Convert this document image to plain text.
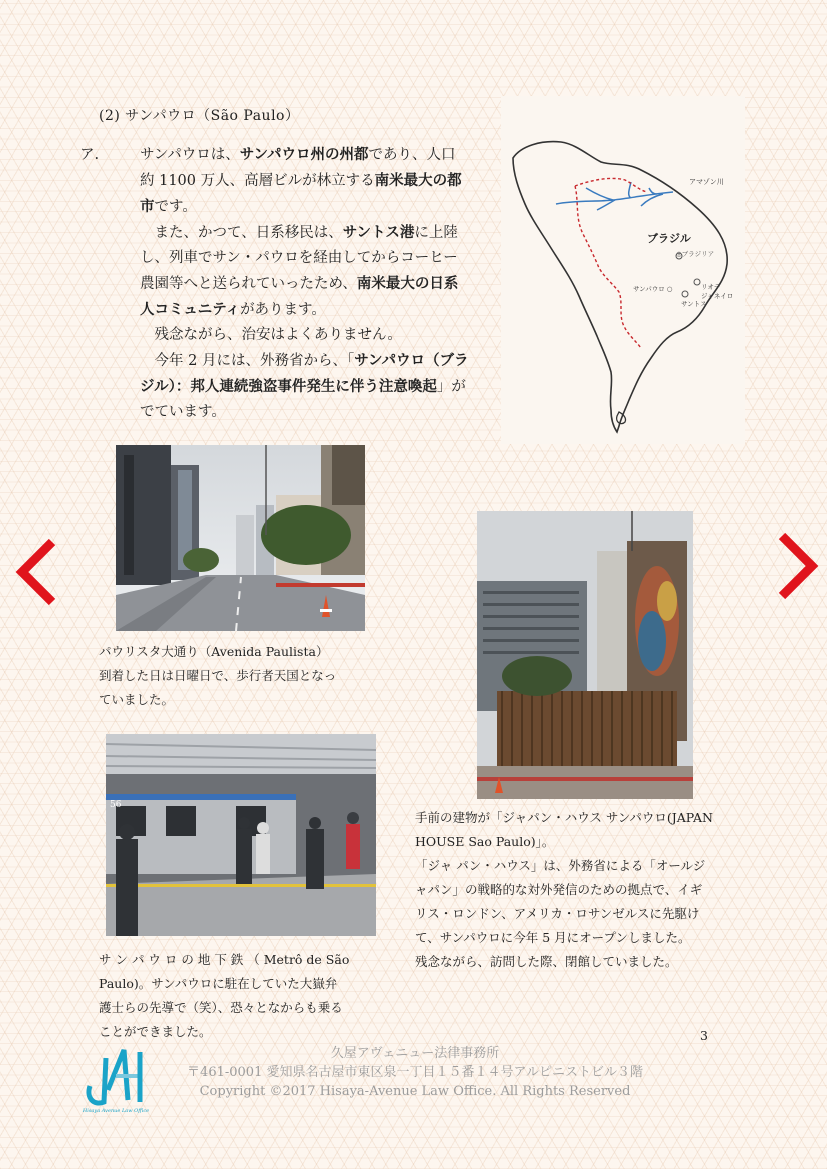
(2) サンパウロ（São Paulo）

ア.	サンパウロは、サンパウロ州の州都であり、人口約 1100 万人、高層ビルが林立する南米最大の都市です。

また、かつて、日系移民は、サントス港に上陸し、列車でサン・パウロを経由してからコーヒー農園等へと送られていったため、南米最大の日系人コミュニティがあります。

残念ながら、治安はよくありません。

今年 2 月には、外務省から、「サンパウロ（ブラジル）：邦人連続強盗事件発生に伴う注意喚起」がでています。

アマゾン川
ブラジル
◎ブラジリア
サンパウロ ○	リオデ
ジャネイロ
サントス
56
パウリスタ大通り（Avenida Paulista）
到着した日は日曜日で、歩行者天国となっ
ていました。
手前の建物が「ジャパン・ハウス サンパウロ(JAPAN
HOUSE Sao Paulo)」。
「ジャ パン・ハウス」は、外務省による「オールジ
ャパン」の戦略的な対外発信のための拠点で、イギ
リス・ロンドン、アメリカ・ロサンゼルスに先駆け
て、サンパウロに今年 5 月にオープンしました。
残念ながら、訪問した際、閉館していました。
サ ン パ ウ ロ の 地 下 鉄 （ Metrô de São
Paulo)。サンパウロに駐在していた大嶽弁
護士らの先導で（笑）、恐々となからも乗る
ことができました。	3
Hisaya Avenue Law Office
久屋アヴェニュー法律事務所
〒461-0001 愛知県名古屋市東区泉一丁目１５番１４号アルピニストビル３階
Copyright ©2017 Hisaya-Avenue Law Office. All Rights Reserved
